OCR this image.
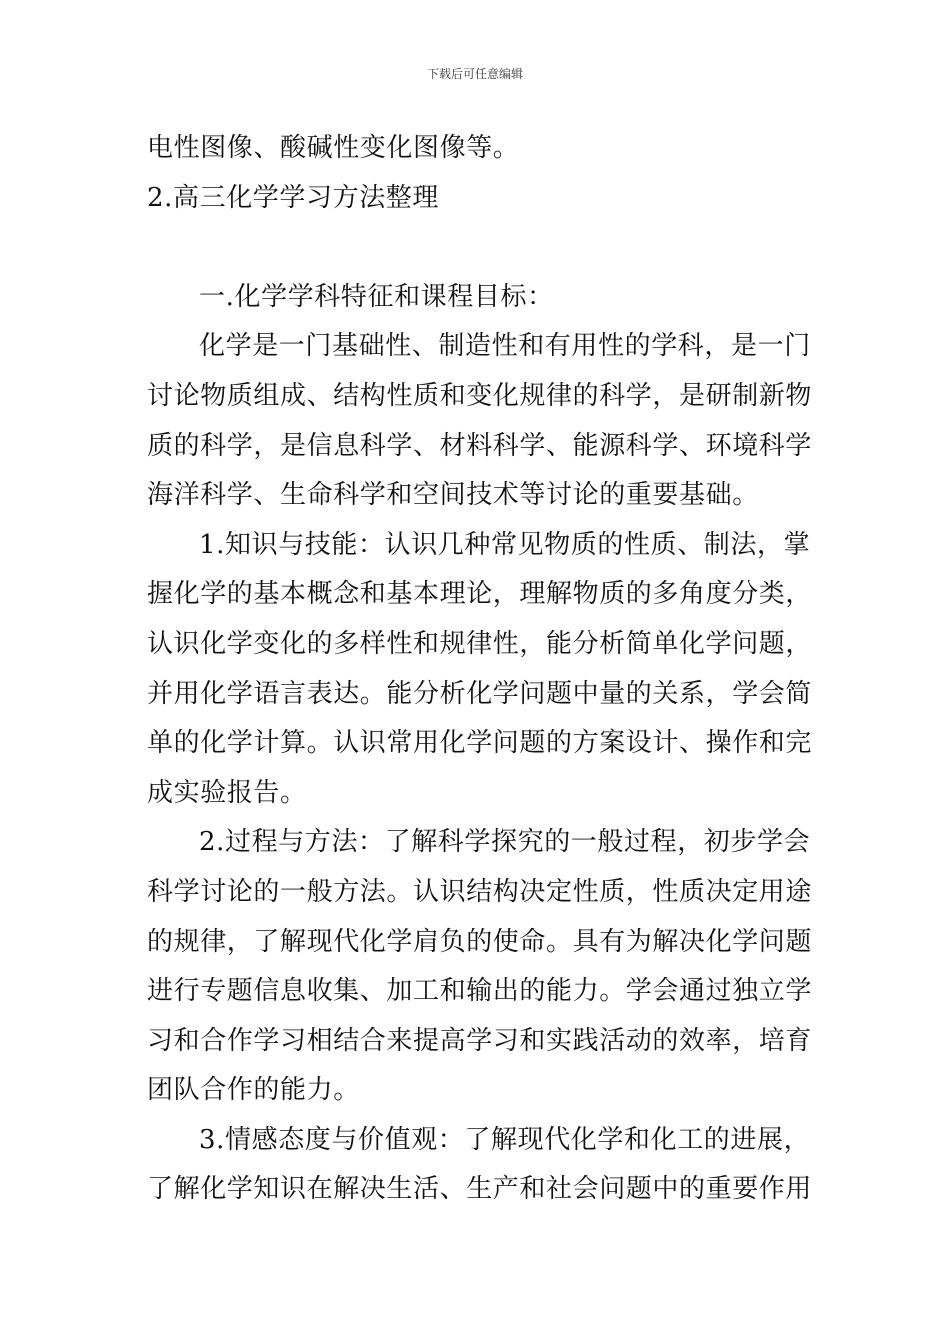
下载后可任意编辑
电性图像、酸碱性变化图像等。
2.高三化学学习方法整理
一.化学学科特征和课程目标：
化学是一门基础性、制造性和有用性的学科，是一门
讨论物质组成、结构性质和变化规律的科学，是研制新物
质的科学，是信息科学、材料科学、能源科学、环境科学
海洋科学、生命科学和空间技术等讨论的重要基础。
1.知识与技能：认识几种常见物质的性质、制法，掌
握化学的基本概念和基本理论，理解物质的多角度分类，
认识化学变化的多样性和规律性，能分析简单化学问题，
并用化学语言表达。能分析化学问题中量的关系，学会简
单的化学计算。认识常用化学问题的方案设计、操作和完
成实验报告。
2.过程与方法：了解科学探究的一般过程，初步学会
科学讨论的一般方法。认识结构决定性质，性质决定用途
的规律，了解现代化学肩负的使命。具有为解决化学问题
进行专题信息收集、加工和输出的能力。学会通过独立学
习和合作学习相结合来提高学习和实践活动的效率，培育
团队合作的能力。
3.情感态度与价值观：了解现代化学和化工的进展，
了解化学知识在解决生活、生产和社会问题中的重要作用
